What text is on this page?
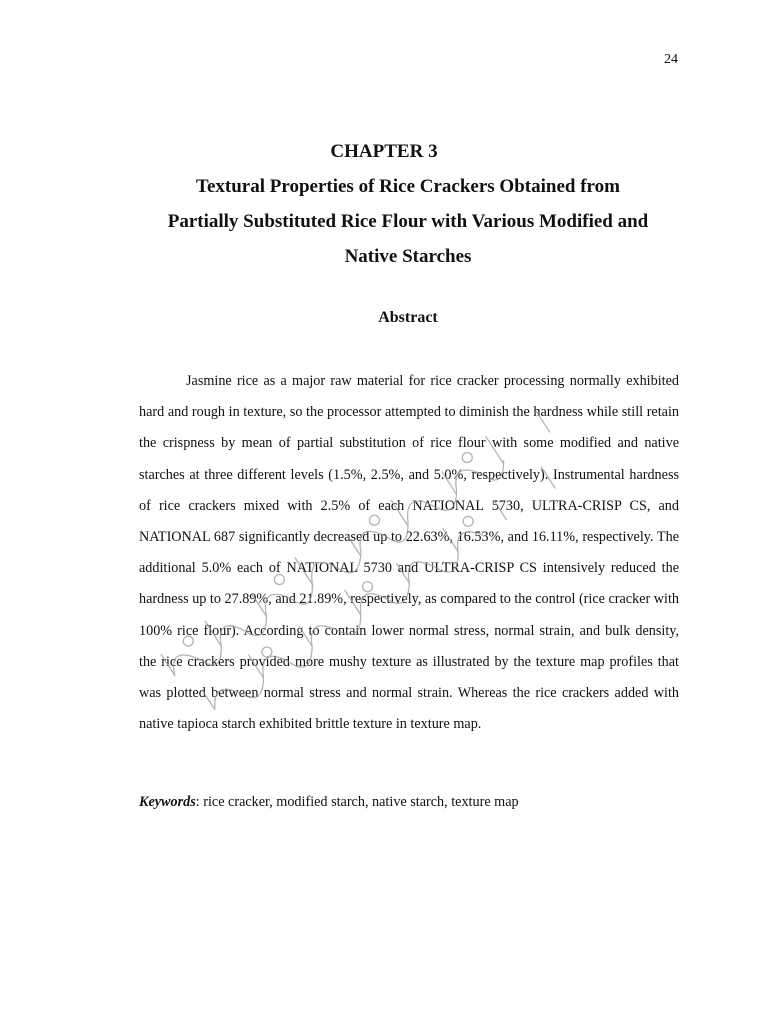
24
CHAPTER 3
Textural Properties of Rice Crackers Obtained from
Partially Substituted Rice Flour with Various Modified and
Native Starches
Abstract
Jasmine rice as a major raw material for rice cracker processing normally exhibited hard and rough in texture, so the processor attempted to diminish the hardness while still retain the crispness by mean of partial substitution of rice flour with some modified and native starches at three different levels (1.5%, 2.5%, and 5.0%, respectively). Instrumental hardness of rice crackers mixed with 2.5% of each NATIONAL 5730, ULTRA-CRISP CS, and NATIONAL 687 significantly decreased up to 22.63%, 16.53%, and 16.11%, respectively. The additional 5.0% each of NATIONAL 5730 and ULTRA-CRISP CS intensively reduced the hardness up to 27.89%, and 21.89%, respectively, as compared to the control (rice cracker with 100% rice flour). According to contain lower normal stress, normal strain, and bulk density, the rice crackers provided more mushy texture as illustrated by the texture map profiles that was plotted between normal stress and normal strain. Whereas the rice crackers added with native tapioca starch exhibited brittle texture in texture map.
Keywords: rice cracker, modified starch, native starch, texture map
